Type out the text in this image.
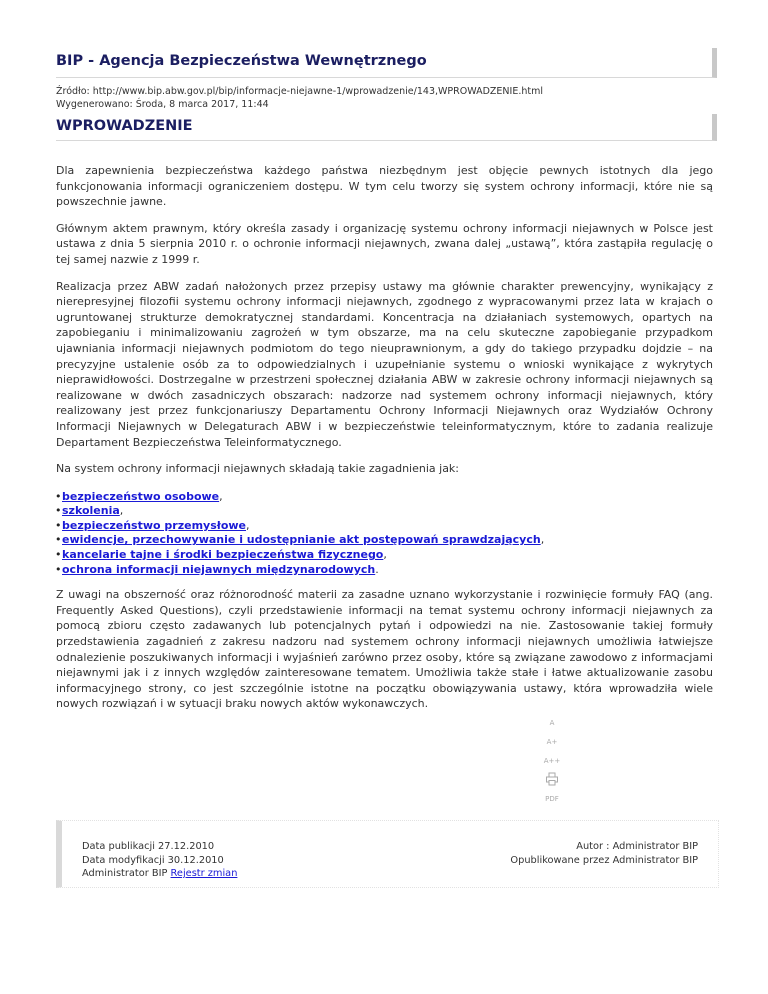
BIP - Agencja Bezpieczeństwa Wewnętrznego
Źródło: http://www.bip.abw.gov.pl/bip/informacje-niejawne-1/wprowadzenie/143,WPROWADZENIE.html
Wygenerowano: Środa, 8 marca 2017, 11:44
WPROWADZENIE

Dla zapewnienia bezpieczeństwa każdego państwa niezbędnym jest objęcie pewnych istotnych dla jego funkcjonowania informacji ograniczeniem dostępu. W tym celu tworzy się system ochrony informacji, które nie są powszechnie jawne.

Głównym aktem prawnym, który określa zasady i organizację systemu ochrony informacji niejawnych w Polsce jest ustawa z dnia 5 sierpnia 2010 r. o ochronie informacji niejawnych, zwana dalej „ustawą”, która zastąpiła regulację o tej samej nazwie z 1999 r.

Realizacja przez ABW zadań nałożonych przez przepisy ustawy ma głównie charakter prewencyjny, wynikający z nierepresyjnej filozofii systemu ochrony informacji niejawnych, zgodnego z wypracowanymi przez lata w krajach o ugruntowanej strukturze demokratycznej standardami. Koncentracja na działaniach systemowych, opartych na zapobieganiu i minimalizowaniu zagrożeń w tym obszarze, ma na celu skuteczne zapobieganie przypadkom ujawniania informacji niejawnych podmiotom do tego nieuprawnionym, a gdy do takiego przypadku dojdzie – na precyzyjne ustalenie osób za to odpowiedzialnych i uzupełnianie systemu o wnioski wynikające z wykrytych nieprawidłowości. Dostrzegalne w przestrzeni społecznej działania ABW w zakresie ochrony informacji niejawnych są realizowane w dwóch zasadniczych obszarach: nadzorze nad systemem ochrony informacji niejawnych, który realizowany jest przez funkcjonariuszy Departamentu Ochrony Informacji Niejawnych oraz Wydziałów Ochrony Informacji Niejawnych w Delegaturach ABW i w bezpieczeństwie teleinformatycznym, które to zadania realizuje Departament Bezpieczeństwa Teleinformatycznego.

Na system ochrony informacji niejawnych składają takie zagadnienia jak:

• bezpieczeństwo osobowe,
• szkolenia,
• bezpieczeństwo przemysłowe,
• ewidencje, przechowywanie i udostępnianie akt postępowań sprawdzających,
• kancelarie tajne i środki bezpieczeństwa fizycznego,
• ochrona informacji niejawnych międzynarodowych.

Z uwagi na obszerność oraz różnorodność materii za zasadne uznano wykorzystanie i rozwinięcie formuły FAQ (ang. Frequently Asked Questions), czyli przedstawienie informacji na temat systemu ochrony informacji niejawnych za pomocą zbioru często zadawanych lub potencjalnych pytań i odpowiedzi na nie. Zastosowanie takiej formuły przedstawienia zagadnień z zakresu nadzoru nad systemem ochrony informacji niejawnych umożliwia łatwiejsze odnalezienie poszukiwanych informacji i wyjaśnień zarówno przez osoby, które są związane zawodowo z informacjami niejawnymi jak i z innych względów zainteresowane tematem. Umożliwia także stałe i łatwe aktualizowanie zasobu informacyjnego strony, co jest szczególnie istotne na początku obowiązywania ustawy, która wprowadziła wiele nowych rozwiązań i w sytuacji braku nowych aktów wykonawczych.

A
A+
A++
PDF
Data publikacji 27.12.2010
Data modyfikacji 30.12.2010
Administrator BIP Rejestr zmian
Autor : Administrator BIP
Opublikowane przez Administrator BIP
